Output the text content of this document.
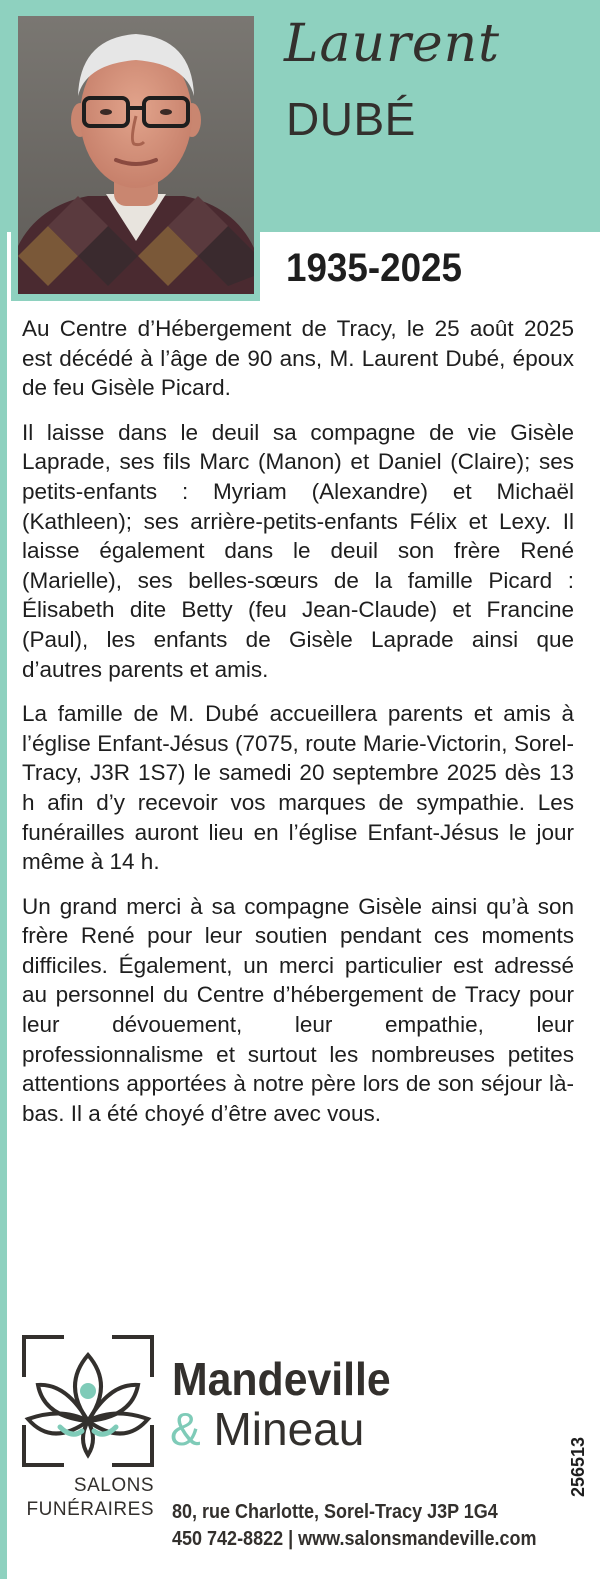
Laurent
DUBÉ
1935-2025

Au Centre d’Hébergement de Tracy, le 25 août 2025 est décédé à l’âge de 90 ans, M. Laurent Dubé, époux de feu Gisèle Picard.

Il laisse dans le deuil sa compagne de vie Gisèle Laprade, ses fils Marc (Manon) et Daniel (Claire); ses petits-enfants : Myriam (Alexandre) et Michaël (Kathleen); ses arrière-petits-enfants Félix et Lexy. Il laisse également dans le deuil son frère René (Marielle), ses belles-sœurs de la famille Picard : Élisabeth dite Betty (feu Jean-Claude) et Francine (Paul), les enfants de Gisèle Laprade ainsi que d’autres parents et amis.

La famille de M. Dubé accueillera parents et amis à l’église Enfant-Jésus (7075, route Marie-Victorin, Sorel-Tracy, J3R 1S7) le samedi 20 septembre 2025 dès 13 h afin d’y recevoir vos marques de sympathie. Les funérailles auront lieu en l’église Enfant-Jésus le jour même à 14 h.

Un grand merci à sa compagne Gisèle ainsi qu’à son frère René pour leur soutien pendant ces moments difficiles. Également, un merci particulier est adressé au personnel du Centre d’hébergement de Tracy pour leur dévouement, leur empathie, leur professionnalisme et surtout les nombreuses petites attentions apportées à notre père lors de son séjour là-bas. Il a été choyé d’être avec vous.

Mandeville
& Mineau
SALONS
FUNÉRAIRES 80, rue Charlotte, Sorel-Tracy J3P 1G4
450 742-8822 | www.salonsmandeville.com
256513
